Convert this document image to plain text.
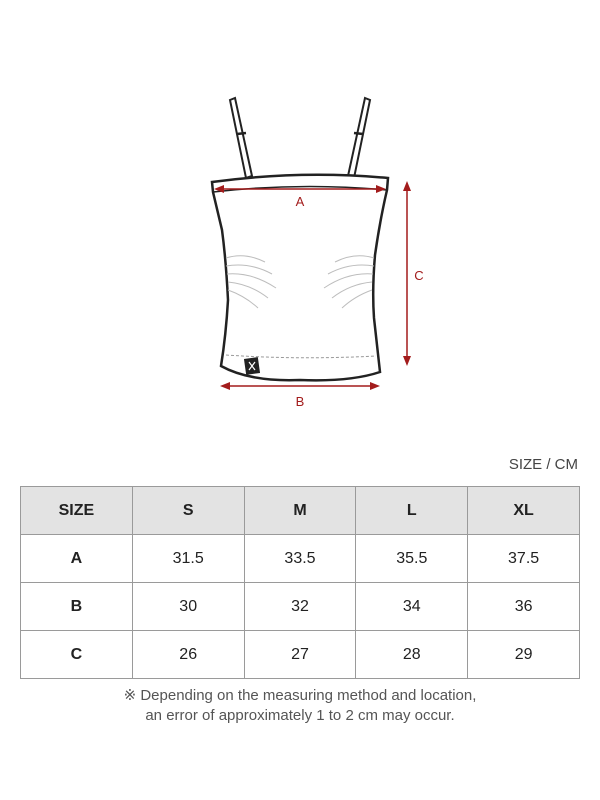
A
C
B
SIZE / CM
SIZE	S	M	L	XL
A	31.5	33.5	35.5	37.5
B	30	32	34	36
C	26	27	28	29
※ Depending on the measuring method and location,
an error of approximately 1 to 2 cm may occur.
